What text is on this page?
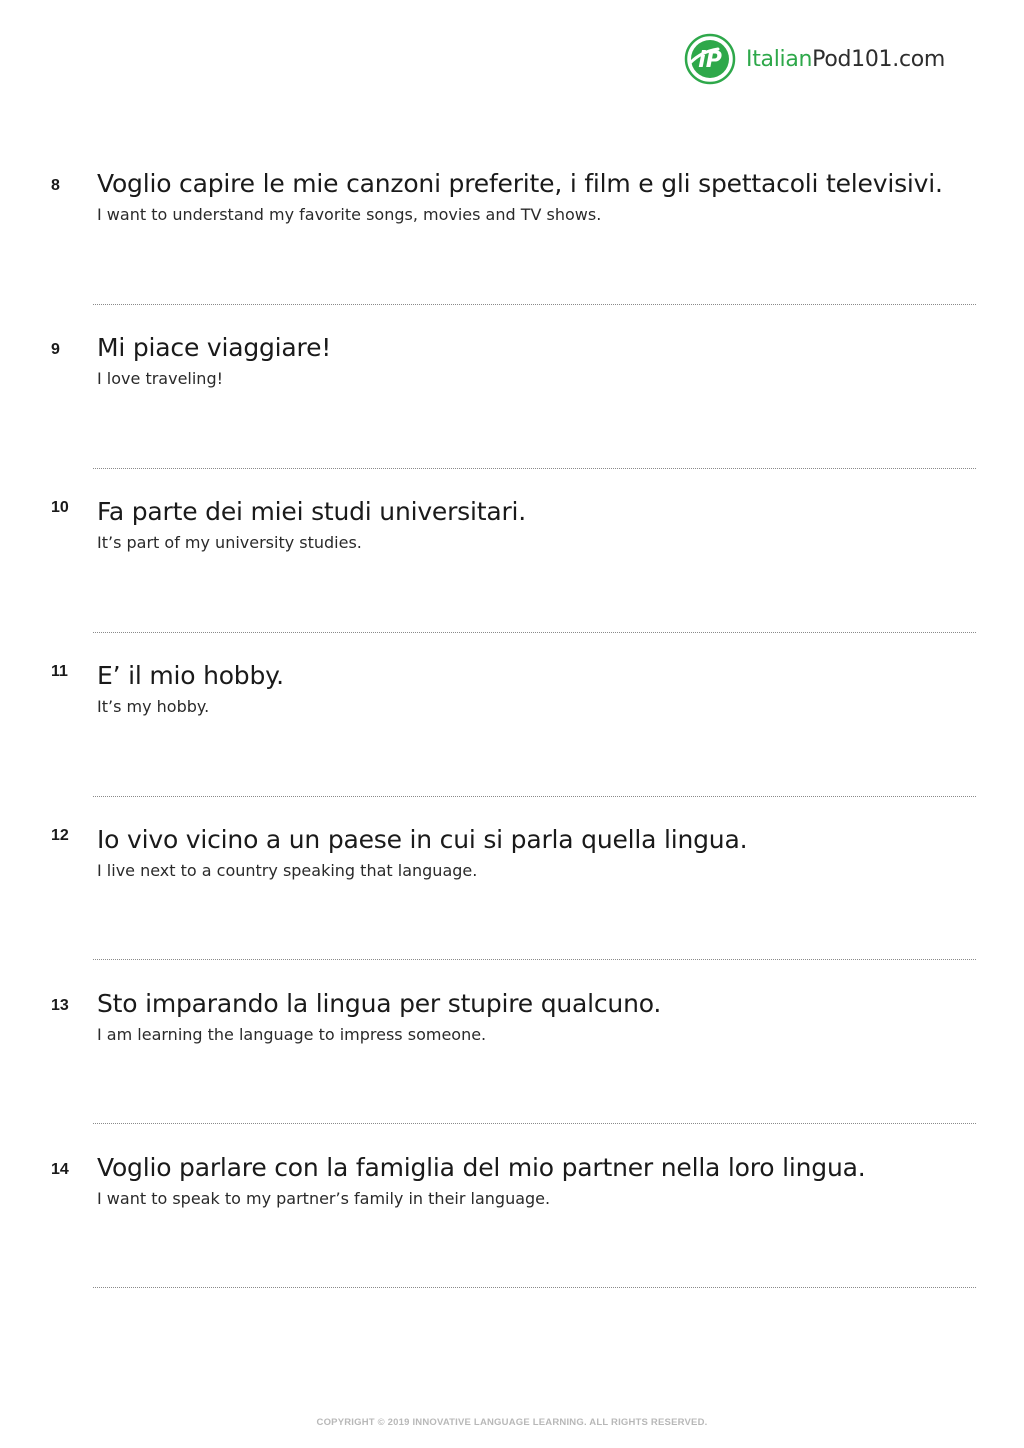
iP ItalianPod101.com
8 Voglio capire le mie canzoni preferite, i film e gli spettacoli televisivi.
I want to understand my favorite songs, movies and TV shows.
9 Mi piace viaggiare!
I love traveling!
10 Fa parte dei miei studi universitari.
It’s part of my university studies.
11 E’ il mio hobby.
It’s my hobby.
12 Io vivo vicino a un paese in cui si parla quella lingua.
I live next to a country speaking that language.
13 Sto imparando la lingua per stupire qualcuno.
I am learning the language to impress someone.
14 Voglio parlare con la famiglia del mio partner nella loro lingua.
I want to speak to my partner’s family in their language.
COPYRIGHT © 2019 INNOVATIVE LANGUAGE LEARNING. ALL RIGHTS RESERVED.
